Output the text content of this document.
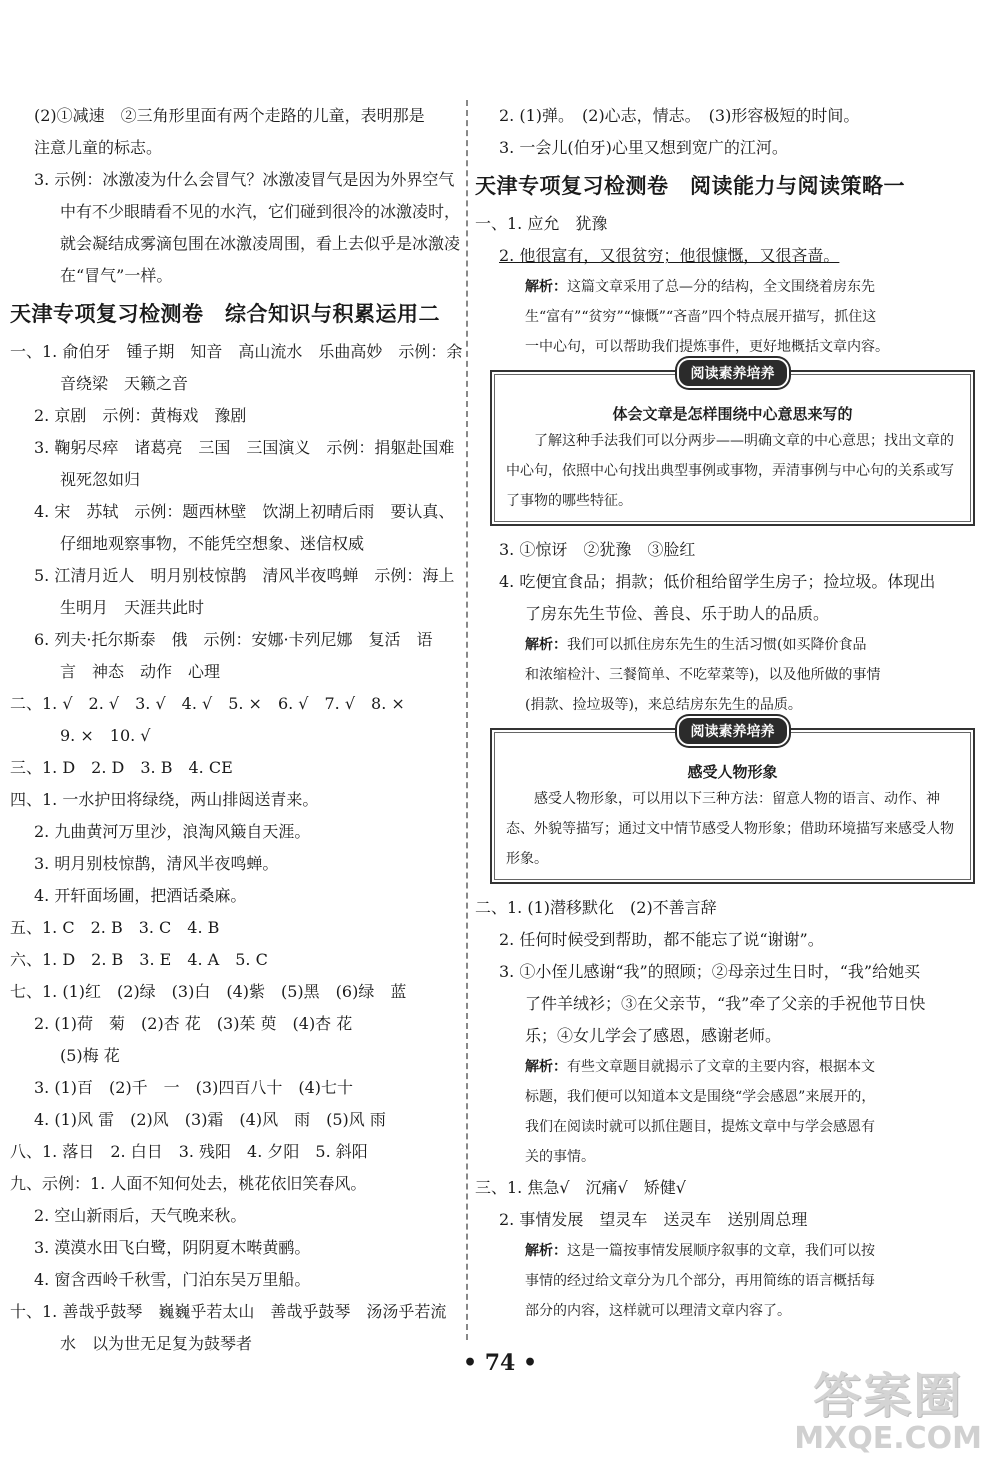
(2)①减速　②三角形里面有两个走路的儿童，表明那是
注意儿童的标志。
3. 示例：冰激凌为什么会冒气？冰激凌冒气是因为外界空气
中有不少眼睛看不见的水汽，它们碰到很冷的冰激凌时，
就会凝结成雾滴包围在冰激凌周围，看上去似乎是冰激凌
在“冒气”一样。
天津专项复习检测卷　综合知识与积累运用二
一、1. 俞伯牙　锺子期　知音　高山流水　乐曲高妙　示例：余
音绕梁　天籁之音
2. 京剧　示例：黄梅戏　豫剧
3. 鞠躬尽瘁　诸葛亮　三国　三国演义　示例：捐躯赴国难
视死忽如归
4. 宋　苏轼　示例：题西林壁　饮湖上初晴后雨　要认真、
仔细地观察事物，不能凭空想象、迷信权威
5. 江清月近人　明月别枝惊鹊　清风半夜鸣蝉　示例：海上
生明月　天涯共此时
6. 列夫·托尔斯泰　俄　示例：安娜·卡列尼娜　复活　语
言　神态　动作　心理
二、1. √　2. √　3. √　4. √　5. ×　6. √　7. √　8. ×
9. ×　10. √
三、1. D　2. D　3. B　4. CE
四、1. 一水护田将绿绕，两山排闼送青来。
2. 九曲黄河万里沙，浪淘风簸自天涯。
3. 明月别枝惊鹊，清风半夜鸣蝉。
4. 开轩面场圃，把酒话桑麻。
五、1. C　2. B　3. C　4. B
六、1. D　2. B　3. E　4. A　5. C
七、1. (1)红　(2)绿　(3)白　(4)紫　(5)黑　(6)绿　蓝
2. (1)荷　菊　(2)杏 花　(3)茱 萸　(4)杏 花
(5)梅 花
3. (1)百　(2)千　一　(3)四百八十　(4)七十
4. (1)风 雷　(2)风　(3)霜　(4)风　雨　(5)风 雨
八、1. 落日　2. 白日　3. 残阳　4. 夕阳　5. 斜阳
九、示例：1. 人面不知何处去，桃花依旧笑春风。
2. 空山新雨后，天气晚来秋。
3. 漠漠水田飞白鹭，阴阴夏木啭黄鹂。
4. 窗含西岭千秋雪，门泊东吴万里船。
十、1. 善哉乎鼓琴　巍巍乎若太山　善哉乎鼓琴　汤汤乎若流
水　以为世无足复为鼓琴者
2. (1)弹。　(2)心志，情志。　(3)形容极短的时间。
3. 一会儿(伯牙)心里又想到宽广的江河。
天津专项复习检测卷　阅读能力与阅读策略一
一、1. 应允　犹豫
2. 他很富有，又很贫穷；他很慷慨，又很吝啬。
解析：这篇文章采用了总—分的结构，全文围绕着房东先
生“富有”“贫穷”“慷慨”“吝啬”四个特点展开描写，抓住这
一中心句，可以帮助我们提炼事件，更好地概括文章内容。
阅读素养培养
体会文章是怎样围绕中心意思来写的
了解这种手法我们可以分两步——明确文章的中心意思；找出文章的中心句，依照中心句找出典型事例或事物，弄清事例与中心句的关系或写了事物的哪些特征。
3. ①惊讶　②犹豫　③脸红
4. 吃便宜食品；捐款；低价租给留学生房子；捡垃圾。体现出
了房东先生节俭、善良、乐于助人的品质。
解析：我们可以抓住房东先生的生活习惯(如买降价食品
和浓缩检汁、三餐简单、不吃荤菜等)，以及他所做的事情
(捐款、捡垃圾等)，来总结房东先生的品质。
阅读素养培养
感受人物形象
感受人物形象，可以用以下三种方法：留意人物的语言、动作、神态、外貌等描写；通过文中情节感受人物形象；借助环境描写来感受人物形象。
二、1. (1)潜移默化　(2)不善言辞
2. 任何时候受到帮助，都不能忘了说“谢谢”。
3. ①小侄儿感谢“我”的照顾；②母亲过生日时，“我”给她买
了件羊绒衫；③在父亲节，“我”牵了父亲的手祝他节日快
乐；④女儿学会了感恩，感谢老师。
解析：有些文章题目就揭示了文章的主要内容，根据本文
标题，我们便可以知道本文是围绕“学会感恩”来展开的，
我们在阅读时就可以抓住题目，提炼文章中与学会感恩有
关的事情。
三、1. 焦急√　沉痛√　矫健√
2. 事情发展　望灵车　送灵车　送别周总理
解析：这是一篇按事情发展顺序叙事的文章，我们可以按
事情的经过给文章分为几个部分，再用简练的语言概括每
部分的内容，这样就可以理清文章内容了。
• 74 •
答案圈
MXQE.COM
